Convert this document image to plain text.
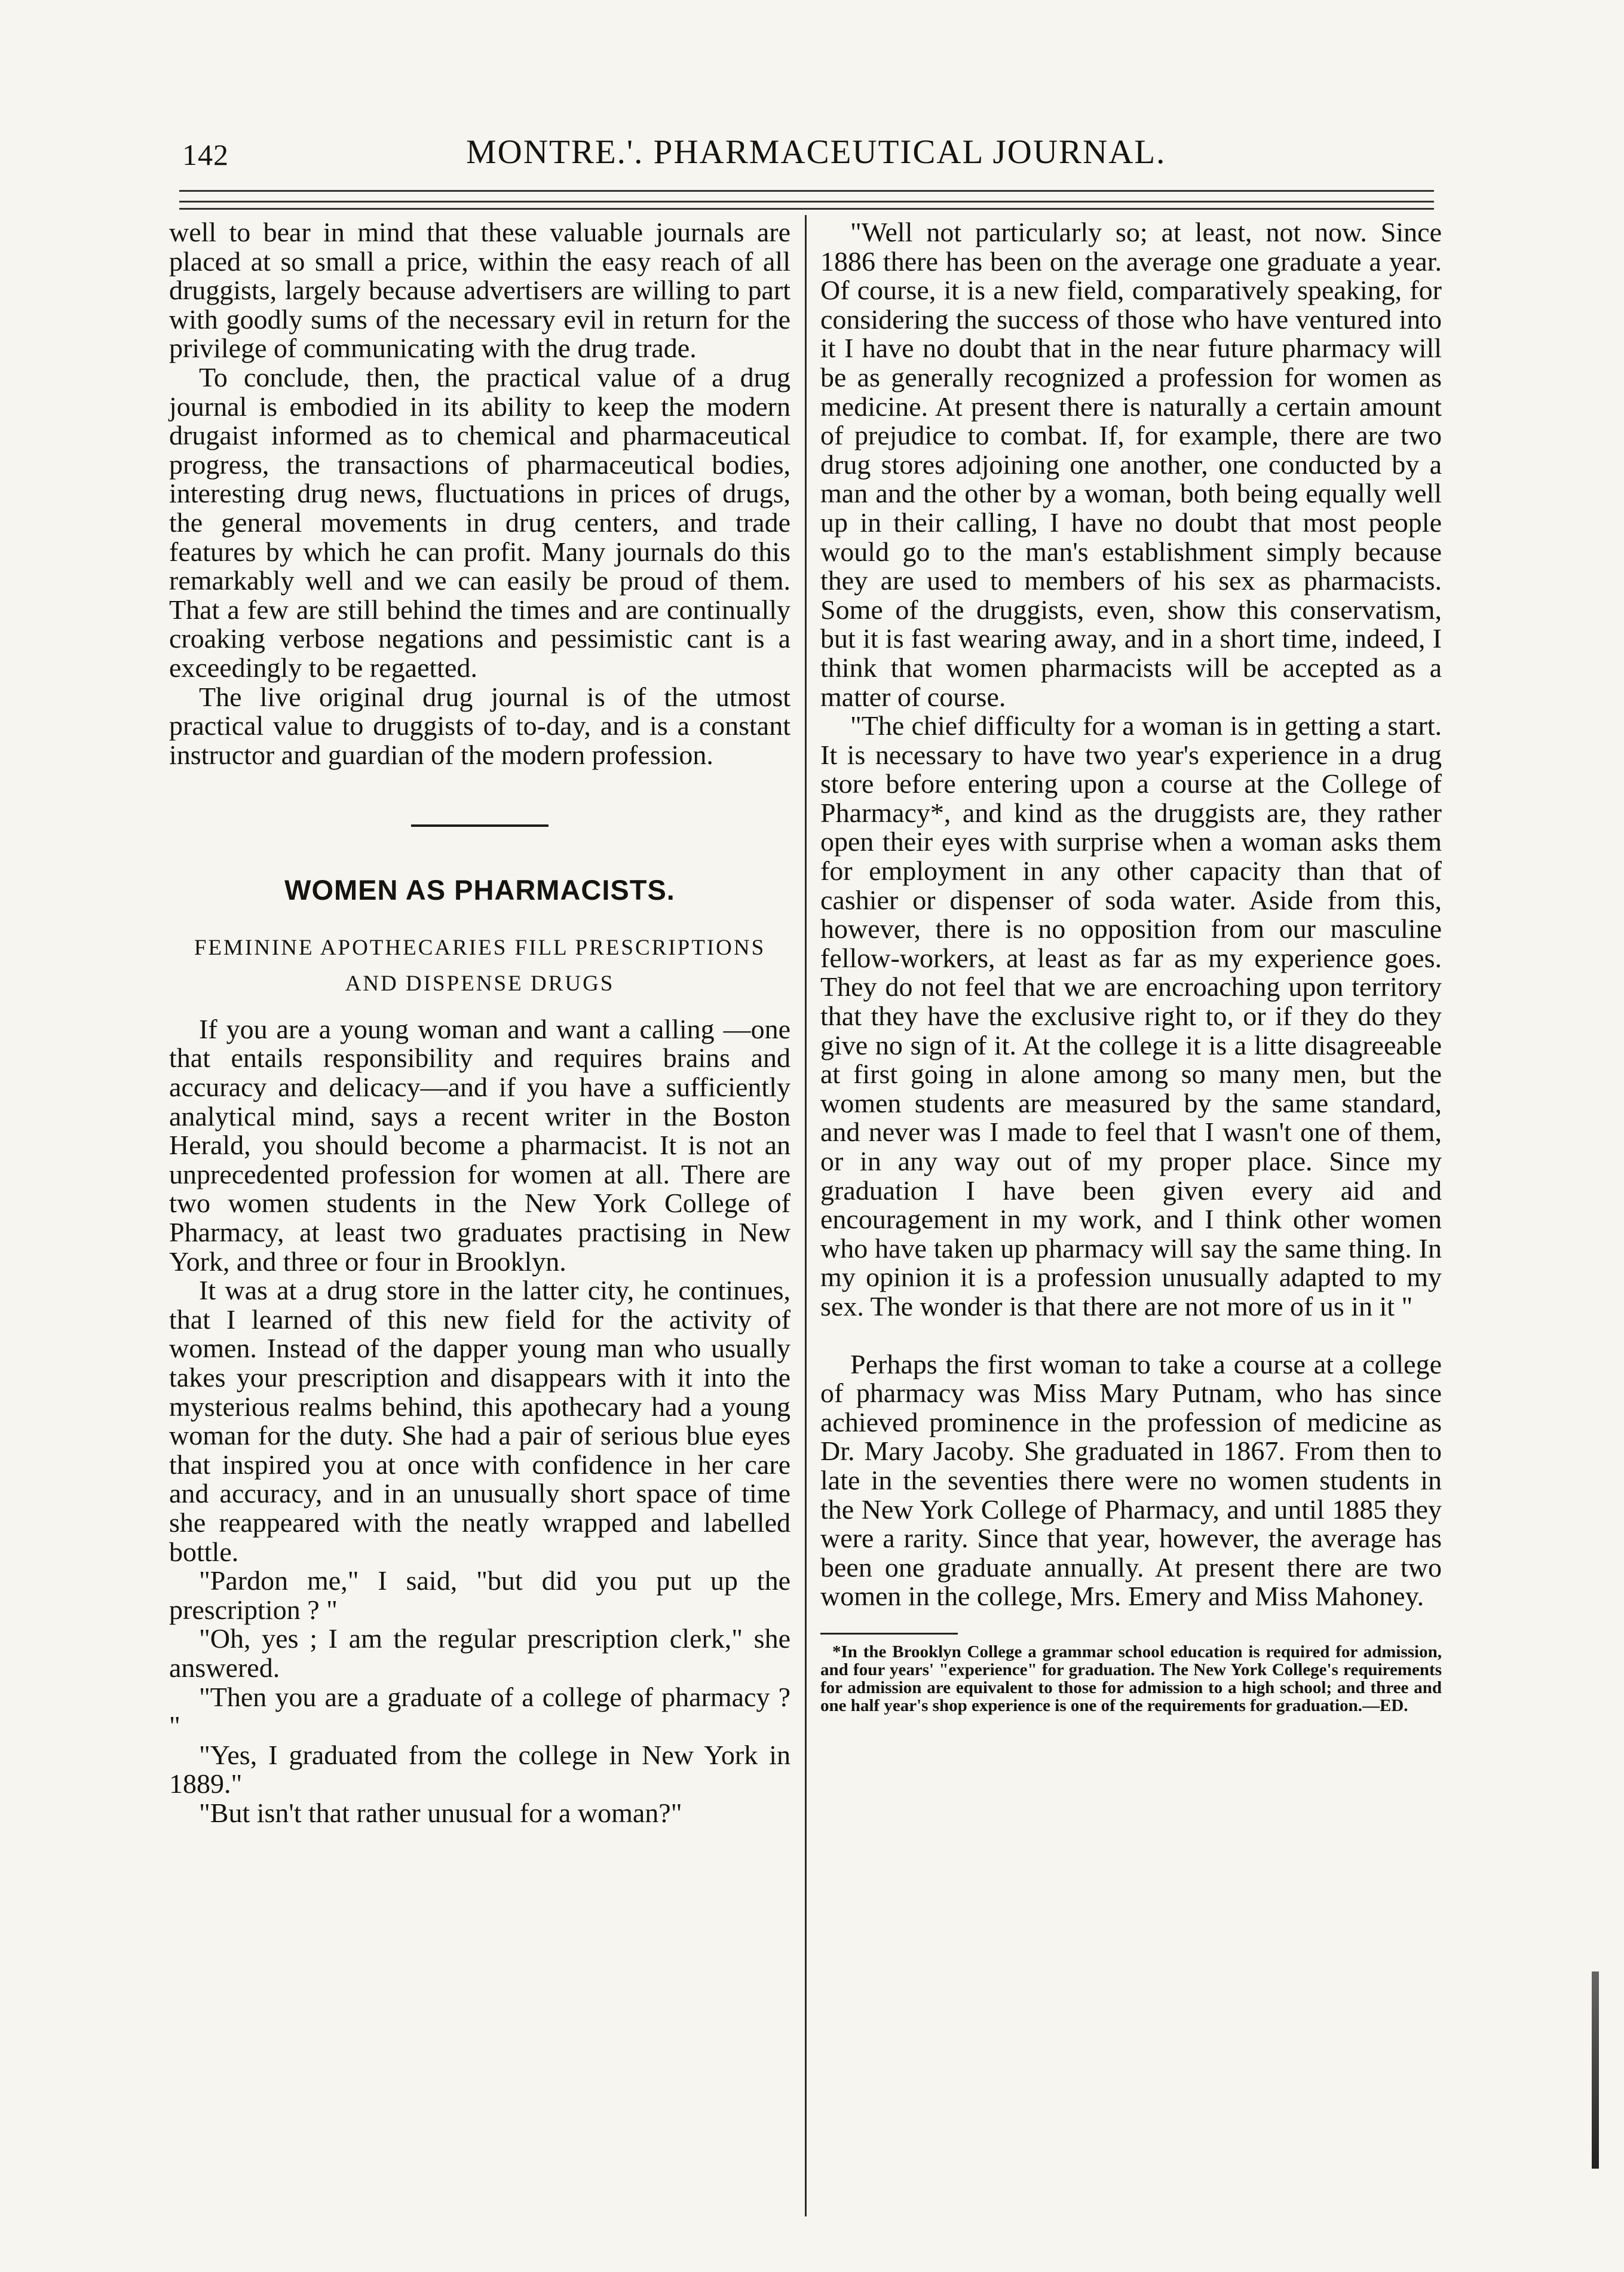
142	MONTRE.'. PHARMACEUTICAL JOURNAL.

well to bear in mind that these valuable journals are placed at so small a price, within the easy reach of all druggists, largely because advertisers are willing to part with goodly sums of the necessary evil in return for the privilege of communicating with the drug trade.

To conclude, then, the practical value of a drug journal is embodied in its ability to keep the modern drugaist informed as to chemical and pharmaceutical progress, the transactions of pharmaceutical bodies, interesting drug news, fluctuations in prices of drugs, the general movements in drug centers, and trade features by which he can profit. Many journals do this remarkably well and we can easily be proud of them. That a few are still behind the times and are continually croaking verbose negations and pessimistic cant is a exceedingly to be regaetted.

The live original drug journal is of the utmost practical value to druggists of to-day, and is a constant instructor and guardian of the modern profession.

WOMEN AS PHARMACISTS.
FEMININE APOTHECARIES FILL PRESCRIPTIONS AND DISPENSE DRUGS

If you are a young woman and want a calling —one that entails responsibility and requires brains and accuracy and delicacy—and if you have a sufficiently analytical mind, says a recent writer in the Boston Herald, you should become a pharmacist. It is not an unprecedented profession for women at all. There are two women students in the New York College of Pharmacy, at least two graduates practising in New York, and three or four in Brooklyn.

It was at a drug store in the latter city, he continues, that I learned of this new field for the activity of women. Instead of the dapper young man who usually takes your prescription and disappears with it into the mysterious realms behind, this apothecary had a young woman for the duty. She had a pair of serious blue eyes that inspired you at once with confidence in her care and accuracy, and in an unusually short space of time she reappeared with the neatly wrapped and labelled bottle.

"Pardon me," I said, "but did you put up the prescription ? "

"Oh, yes ; I am the regular prescription clerk," she answered.

"Then you are a graduate of a college of pharmacy ? "

"Yes, I graduated from the college in New York in 1889."

"But isn't that rather unusual for a woman?"

"Well not particularly so; at least, not now. Since 1886 there has been on the average one graduate a year. Of course, it is a new field, comparatively speaking, for considering the success of those who have ventured into it I have no doubt that in the near future pharmacy will be as generally recognized a profession for women as medicine. At present there is naturally a certain amount of prejudice to combat. If, for example, there are two drug stores adjoining one another, one conducted by a man and the other by a woman, both being equally well up in their calling, I have no doubt that most people would go to the man's establishment simply because they are used to members of his sex as pharmacists. Some of the druggists, even, show this conservatism, but it is fast wearing away, and in a short time, indeed, I think that women pharmacists will be accepted as a matter of course.

"The chief difficulty for a woman is in getting a start. It is necessary to have two year's experience in a drug store before entering upon a course at the College of Pharmacy*, and kind as the druggists are, they rather open their eyes with surprise when a woman asks them for employment in any other capacity than that of cashier or dispenser of soda water. Aside from this, however, there is no opposition from our masculine fellow-workers, at least as far as my experience goes. They do not feel that we are encroaching upon territory that they have the exclusive right to, or if they do they give no sign of it. At the college it is a litte disagreeable at first going in alone among so many men, but the women students are measured by the same standard, and never was I made to feel that I wasn't one of them, or in any way out of my proper place. Since my graduation I have been given every aid and encouragement in my work, and I think other women who have taken up pharmacy will say the same thing. In my opinion it is a profession unusually adapted to my sex. The wonder is that there are not more of us in it "

Perhaps the first woman to take a course at a college of pharmacy was Miss Mary Putnam, who has since achieved prominence in the profession of medicine as Dr. Mary Jacoby. She graduated in 1867. From then to late in the seventies there were no women students in the New York College of Pharmacy, and until 1885 they were a rarity. Since that year, however, the average has been one graduate annually. At present there are two women in the college, Mrs. Emery and Miss Mahoney.

*In the Brooklyn College a grammar school education is required for admission, and four years' "experience" for graduation. The New York College's requirements for admission are equivalent to those for admission to a high school; and three and one half year's shop experience is one of the requirements for graduation.—ED.
